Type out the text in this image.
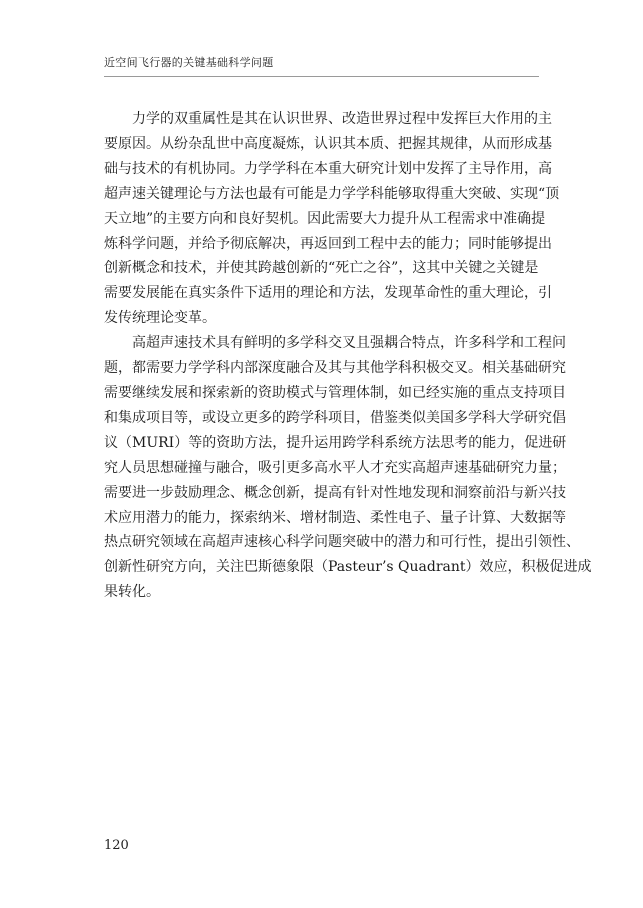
近空间飞行器的关键基础科学问题

力学的双重属性是其在认识世界、改造世界过程中发挥巨大作用的主
要原因。从纷杂乱世中高度凝炼，认识其本质、把握其规律，从而形成基
础与技术的有机协同。力学学科在本重大研究计划中发挥了主导作用，高
超声速关键理论与方法也最有可能是力学学科能够取得重大突破、实现“顶
天立地”的主要方向和良好契机。因此需要大力提升从工程需求中准确提
炼科学问题，并给予彻底解决，再返回到工程中去的能力；同时能够提出
创新概念和技术，并使其跨越创新的“死亡之谷”，这其中关键之关键是
需要发展能在真实条件下适用的理论和方法，发现革命性的重大理论，引
发传统理论变革。

高超声速技术具有鲜明的多学科交叉且强耦合特点，许多科学和工程问
题，都需要力学学科内部深度融合及其与其他学科积极交叉。相关基础研究
需要继续发展和探索新的资助模式与管理体制，如已经实施的重点支持项目
和集成项目等，或设立更多的跨学科项目，借鉴类似美国多学科大学研究倡
议（MURI）等的资助方法，提升运用跨学科系统方法思考的能力，促进研
究人员思想碰撞与融合，吸引更多高水平人才充实高超声速基础研究力量；
需要进一步鼓励理念、概念创新，提高有针对性地发现和洞察前沿与新兴技
术应用潜力的能力，探索纳米、增材制造、柔性电子、量子计算、大数据等
热点研究领域在高超声速核心科学问题突破中的潜力和可行性，提出引领性、
创新性研究方向，关注巴斯德象限（Pasteur’s Quadrant）效应，积极促进成
果转化。

120
